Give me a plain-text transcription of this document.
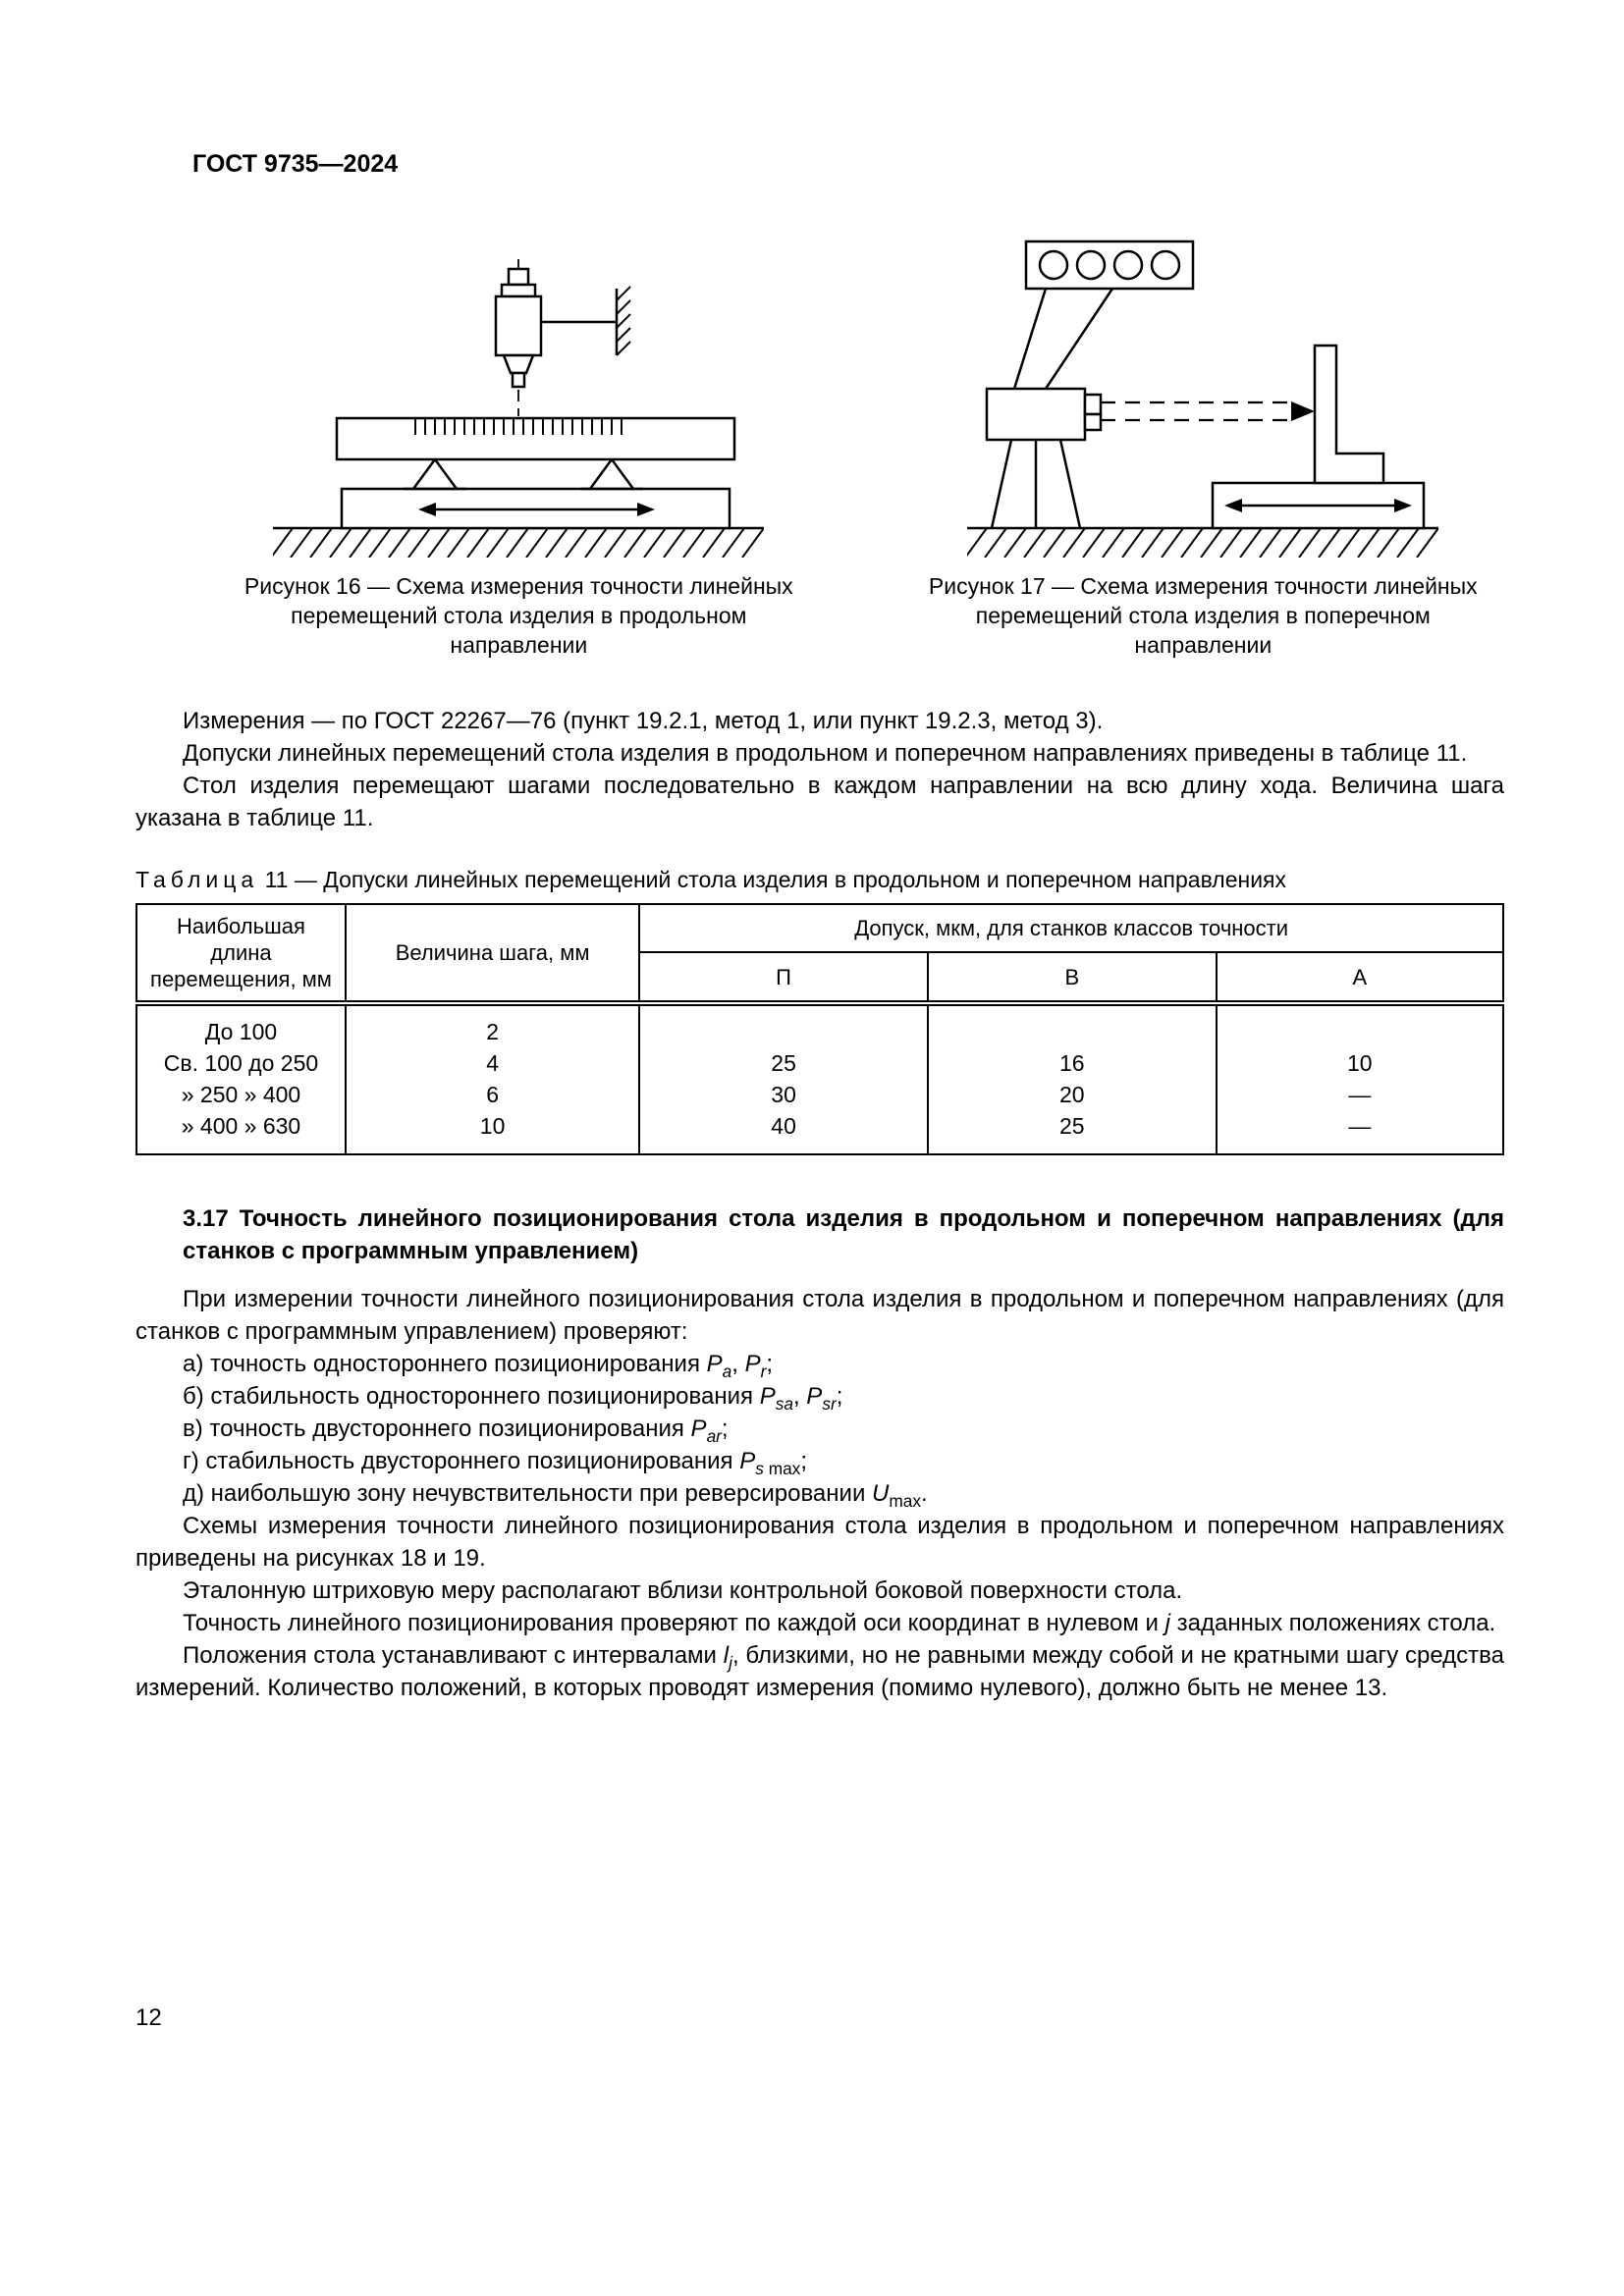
ГОСТ 9735—2024
Рисунок 16 — Схема измерения точности линейных перемещений стола изделия в продольном направлении
Рисунок 17 — Схема измерения точности линейных перемещений стола изделия в поперечном направлении

Измерения — по ГОСТ 22267—76 (пункт 19.2.1, метод 1, или пункт 19.2.3, метод 3).

Допуски линейных перемещений стола изделия в продольном и поперечном направлениях приведены в таблице 11.

Стол изделия перемещают шагами последовательно в каждом направлении на всю длину хода. Величина шага указана в таблице 11.

Таблица 11 — Допуски линейных перемещений стола изделия в продольном и поперечном направлениях
Наибольшая длина перемещения, мм	Величина шага, мм	Допуск, мкм, для станков классов точности		
		П	В	А
До 100	2			
Св. 100 до 250	4	25	16	10
» 250 » 400	6	30	20	—
» 400 » 630	10	40	25	—
3.17 Точность линейного позиционирования стола изделия в продольном и поперечном направлениях (для станков с программным управлением)

При измерении точности линейного позиционирования стола изделия в продольном и поперечном направлениях (для станков с программным управлением) проверяют:

а) точность одностороннего позиционирования $P_a$, $P_r$;

б) стабильность одностороннего позиционирования $P_{sa}$, $P_{sr}$;

в) точность двустороннего позиционирования $P_{ar}$;

г) стабильность двустороннего позиционирования $P_{s max}$;

д) наибольшую зону нечувствительности при реверсировании $U_{max}$.

Схемы измерения точности линейного позиционирования стола изделия в продольном и поперечном направлениях приведены на рисунках 18 и 19.

Эталонную штриховую меру располагают вблизи контрольной боковой поверхности стола.

Точность линейного позиционирования проверяют по каждой оси координат в нулевом и j заданных положениях стола.

Положения стола устанавливают с интервалами $l_j$, близкими, но не равными между собой и не кратными шагу средства измерений. Количество положений, в которых проводят измерения (помимо нулевого), должно быть не менее 13.

12
